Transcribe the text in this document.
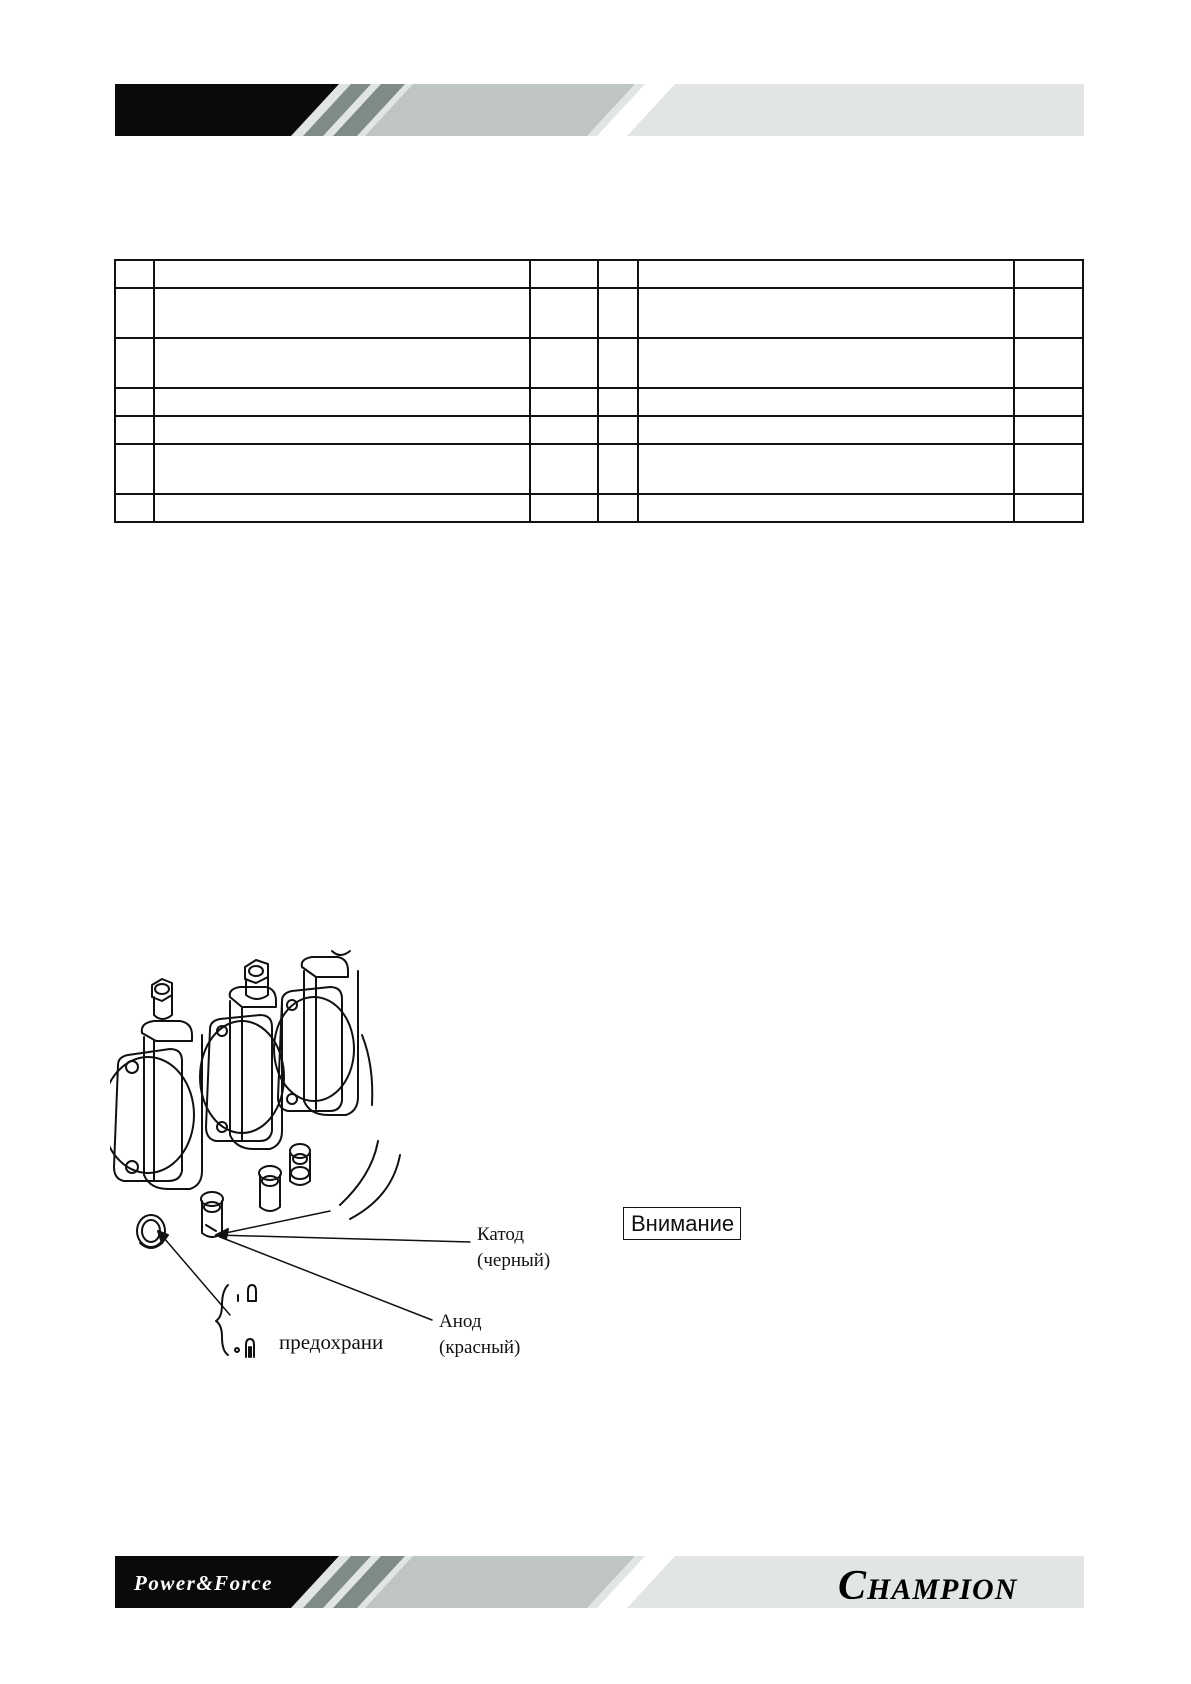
Катод
(черный)
Анод
(красный)
предохрани
Внимание
Power&Force	CHAMPION
